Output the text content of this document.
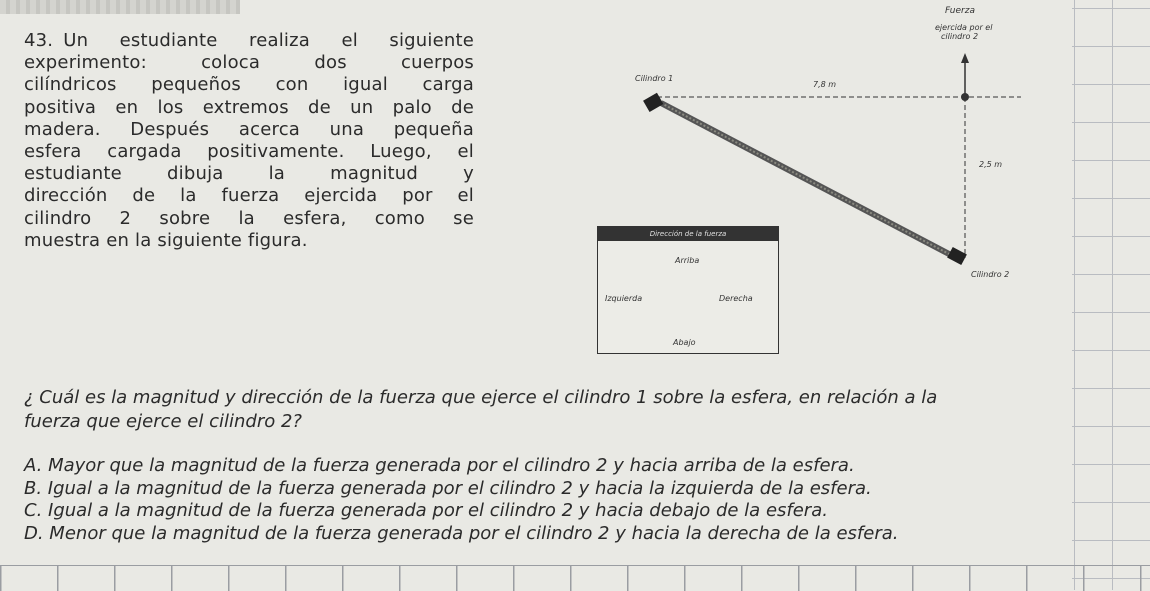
43. Un estudiante realiza el siguiente
experimento: coloca dos cuerpos
cilíndricos pequeños con igual carga
positiva en los extremos de un palo de
madera. Después acerca una pequeña
esfera cargada positivamente. Luego, el
estudiante dibuja la magnitud y
dirección de la fuerza ejercida por el
cilindro 2 sobre la esfera, como se
muestra en la siguiente figura.
Fuerza
ejercida por el
cilindro 2
Cilindro 1
7,8 m
2,5 m
Cilindro 2
Dirección de la fuerza
Arriba
Abajo
Izquierda	Derecha
¿ Cuál es la magnitud y dirección de la fuerza que ejerce el cilindro 1 sobre la esfera, en relación a la
fuerza que ejerce el cilindro 2?
A. Mayor que la magnitud de la fuerza generada por el cilindro 2 y hacia arriba de la esfera.
B. Igual a la magnitud de la fuerza generada por el cilindro 2 y hacia la izquierda de la esfera.
C. Igual a la magnitud de la fuerza generada por el cilindro 2 y hacia debajo de la esfera.
D. Menor que la magnitud de la fuerza generada por el cilindro 2 y hacia la derecha de la esfera.
